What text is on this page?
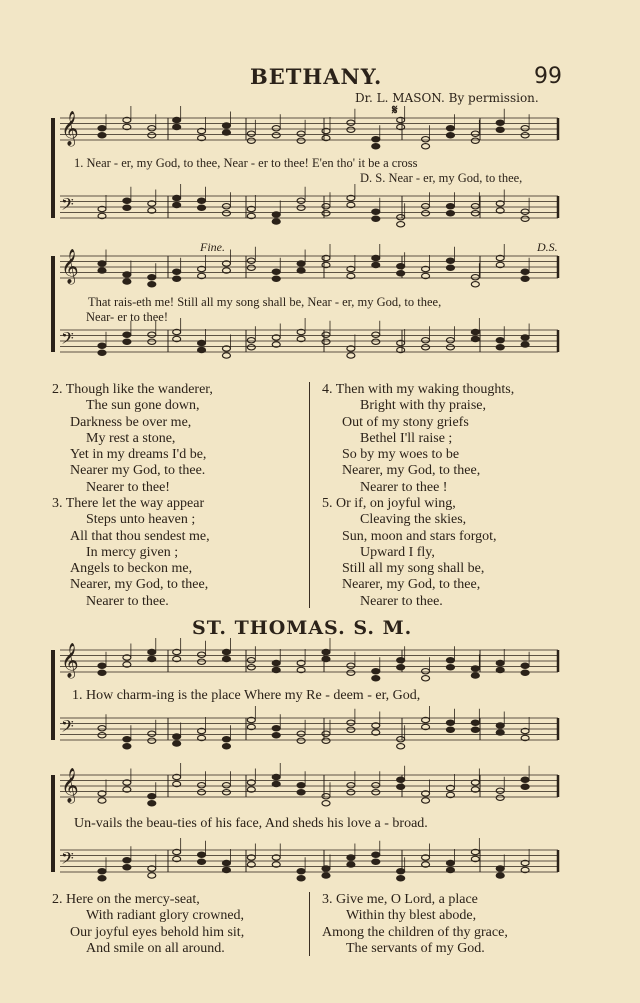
𝄞
𝄢
𝄞
𝄢
𝄞
𝄢
𝄞
𝄢
BETHANY.	99
Dr. L. MASON. By permission.
𝄋
1. Near - er, my God, to thee, Near - er to thee! E'en tho' it be a cross
D. S. Near - er, my God, to thee,
Fine.	D.S.
That rais-eth me! Still all my song shall be, Near - er, my God, to thee,
Near- er to thee!
2. Though like the wanderer,
The sun gone down,
Darkness be over me,
My rest a stone,
Yet in my dreams I'd be,
Nearer my God, to thee.
Nearer to thee!
3. There let the way appear
Steps unto heaven ;
All that thou sendest me,
In mercy given ;
Angels to beckon me,
Nearer, my God, to thee,
Nearer to thee.
4. Then with my waking thoughts,
Bright with thy praise,
Out of my stony griefs
Bethel I'll raise ;
So by my woes to be
Nearer, my God, to thee,
Nearer to thee !
5. Or if, on joyful wing,
Cleaving the skies,
Sun, moon and stars forgot,
Upward I fly,
Still all my song shall be,
Nearer, my God, to thee,
Nearer to thee.
ST. THOMAS. S. M.
1. How charm-ing is the place Where my Re - deem - er, God,
Un-vails the beau-ties of his face, And sheds his love a - broad.
2. Here on the mercy-seat,
With radiant glory crowned,
Our joyful eyes behold him sit,
And smile on all around.
3. Give me, O Lord, a place
Within thy blest abode,
Among the children of thy grace,
The servants of my God.
